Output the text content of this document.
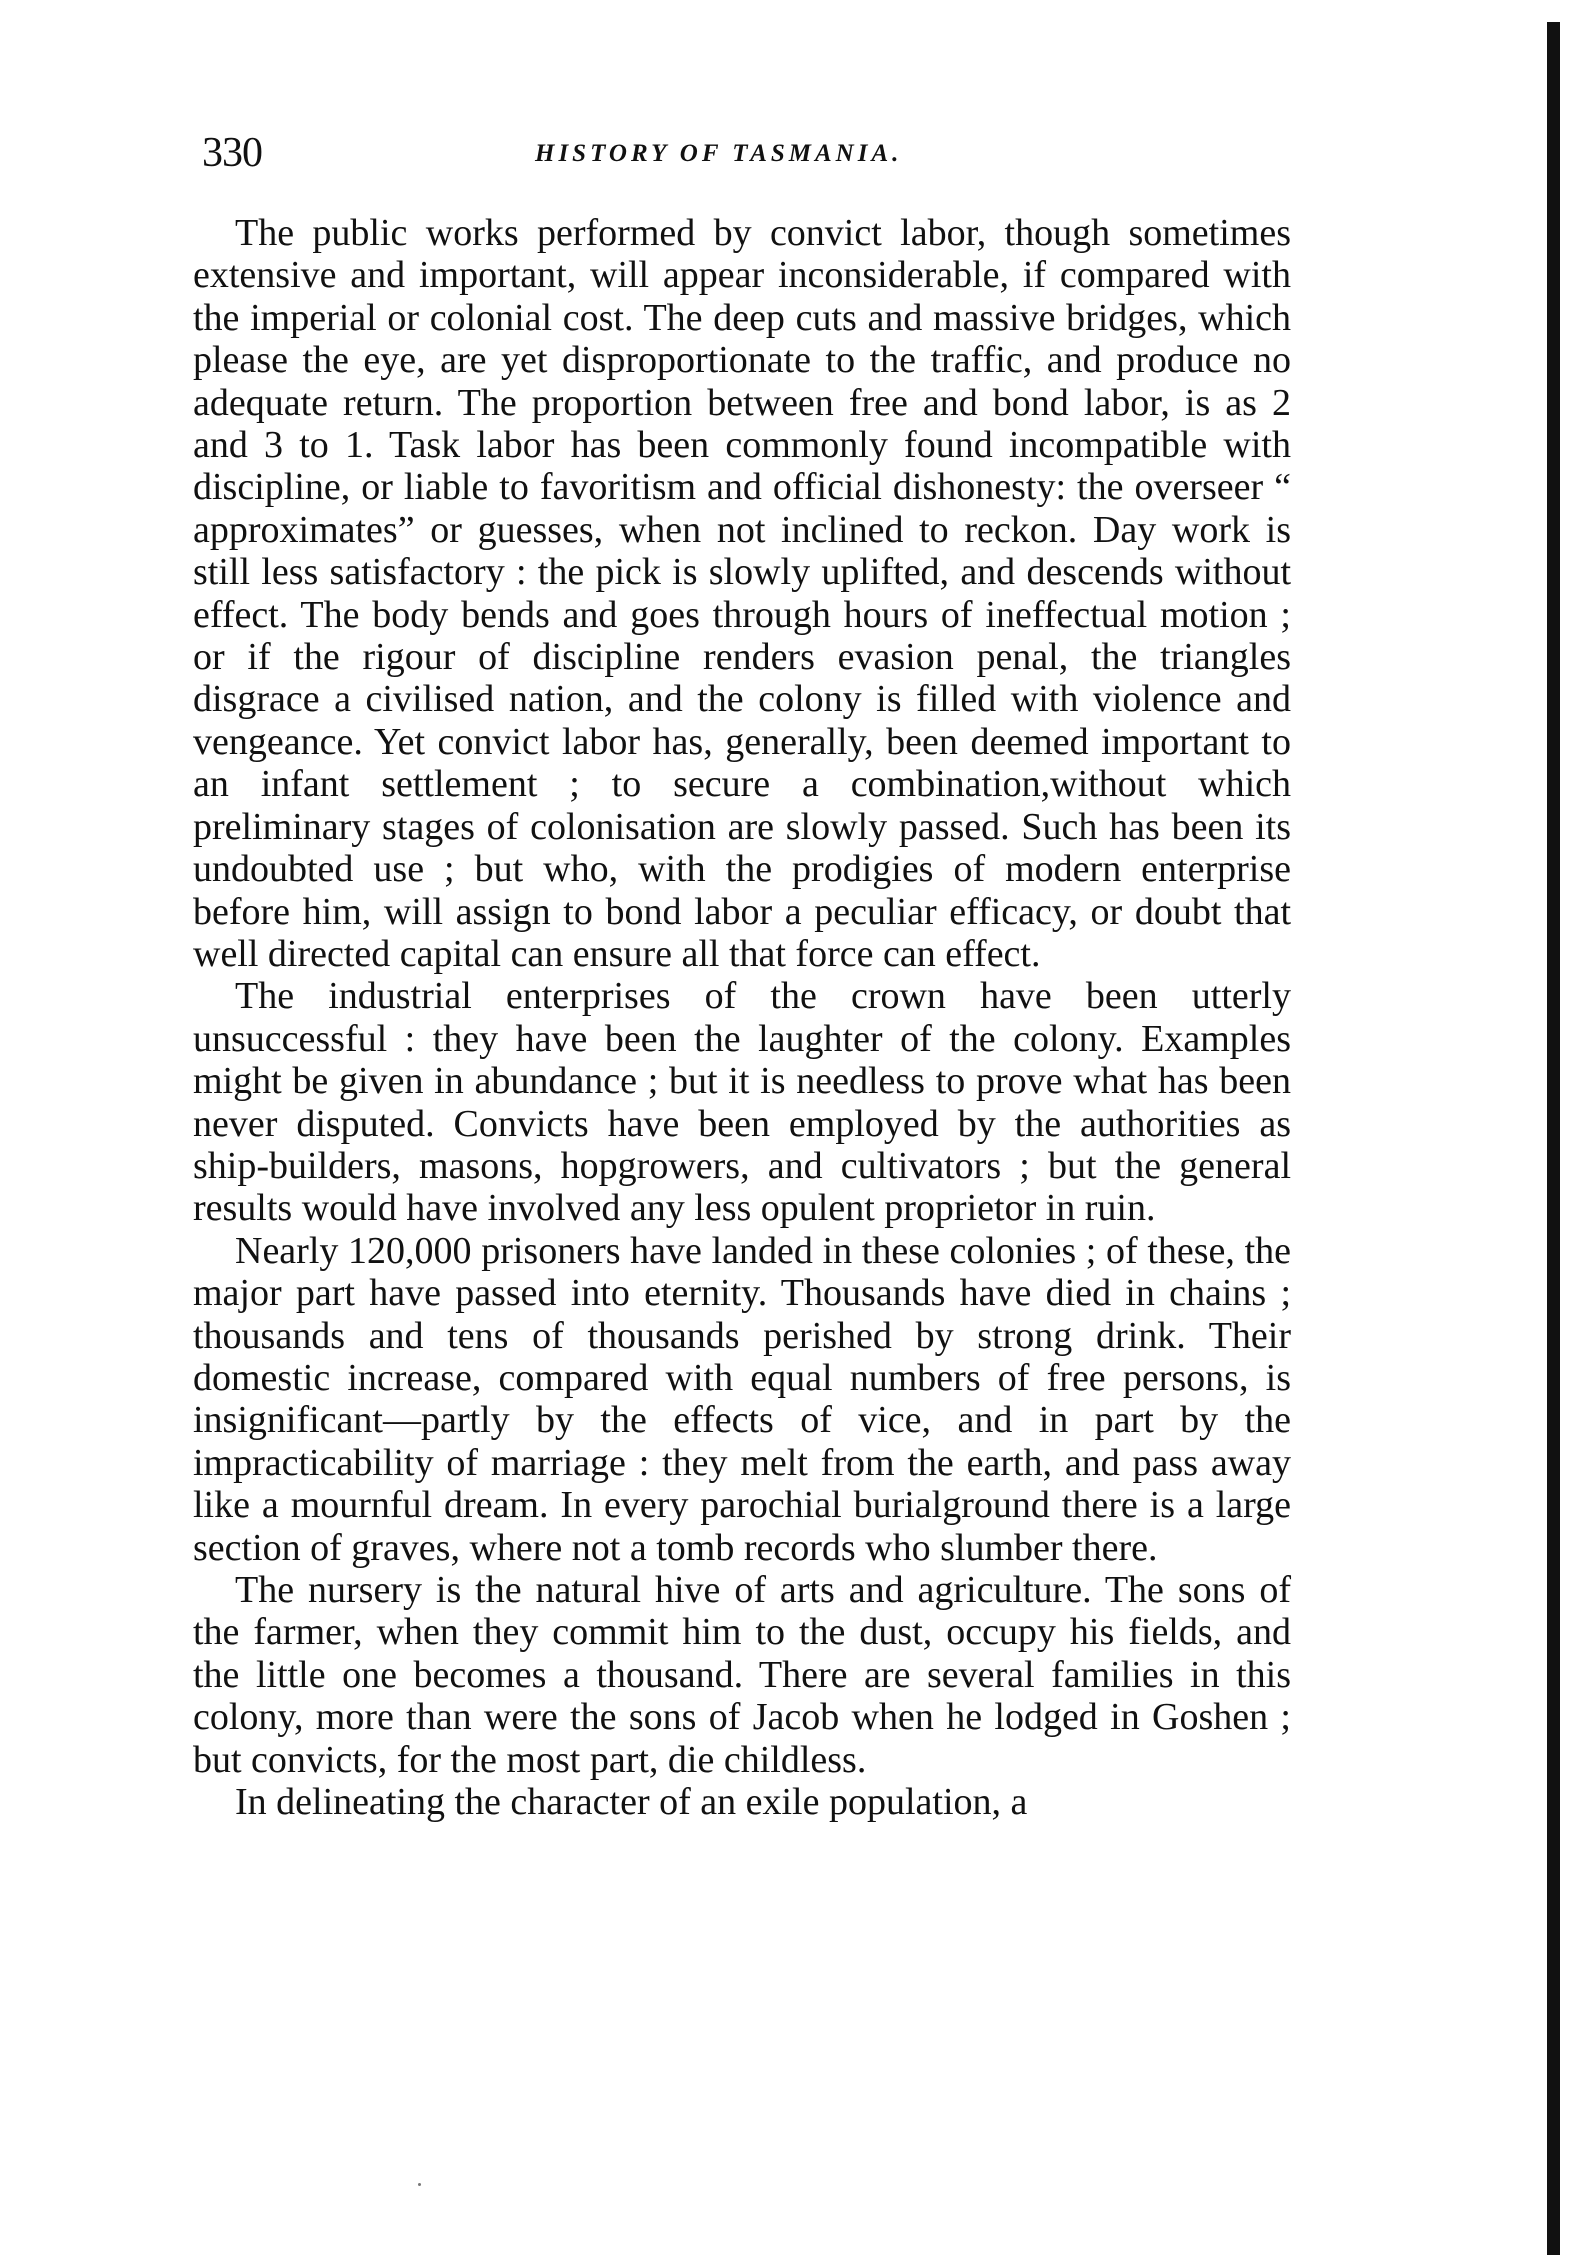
330	HISTORY OF TASMANIA.

The public works performed by convict labor, though sometimes extensive and important, will appear inconsiderable, if compared with the imperial or colonial cost. The deep cuts and massive bridges, which please the eye, are yet disproportionate to the traffic, and produce no adequate return. The proportion between free and bond labor, is as 2 and 3 to 1. Task labor has been commonly found incompatible with discipline, or liable to favoritism and official dishonesty: the overseer “ approximates” or guesses, when not inclined to reckon. Day work is still less satisfactory : the pick is slowly uplifted, and descends without effect. The body bends and goes through hours of ineffectual motion ; or if the rigour of discipline renders evasion penal, the triangles disgrace a civilised nation, and the colony is filled with violence and vengeance. Yet convict labor has, generally, been deemed important to an infant settlement ; to secure a combination,without which preliminary stages of colonisation are slowly passed. Such has been its undoubted use ; but who, with the prodigies of modern enterprise before him, will assign to bond labor a peculiar efficacy, or doubt that well directed capital can ensure all that force can effect.

The industrial enterprises of the crown have been utterly unsuccessful : they have been the laughter of the colony. Examples might be given in abundance ; but it is needless to prove what has been never disputed. Convicts have been employed by the authorities as ship-builders, masons, hopgrowers, and cultivators ; but the general results would have involved any less opulent proprietor in ruin.

Nearly 120,000 prisoners have landed in these colonies ; of these, the major part have passed into eternity. Thousands have died in chains ; thousands and tens of thousands perished by strong drink. Their domestic increase, compared with equal numbers of free persons, is insignificant—partly by the effects of vice, and in part by the impracticability of marriage : they melt from the earth, and pass away like a mournful dream. In every parochial burialground there is a large section of graves, where not a tomb records who slumber there.

The nursery is the natural hive of arts and agriculture. The sons of the farmer, when they commit him to the dust, occupy his fields, and the little one becomes a thousand. There are several families in this colony, more than were the sons of Jacob when he lodged in Goshen ; but convicts, for the most part, die childless.

In delineating the character of an exile population, a
